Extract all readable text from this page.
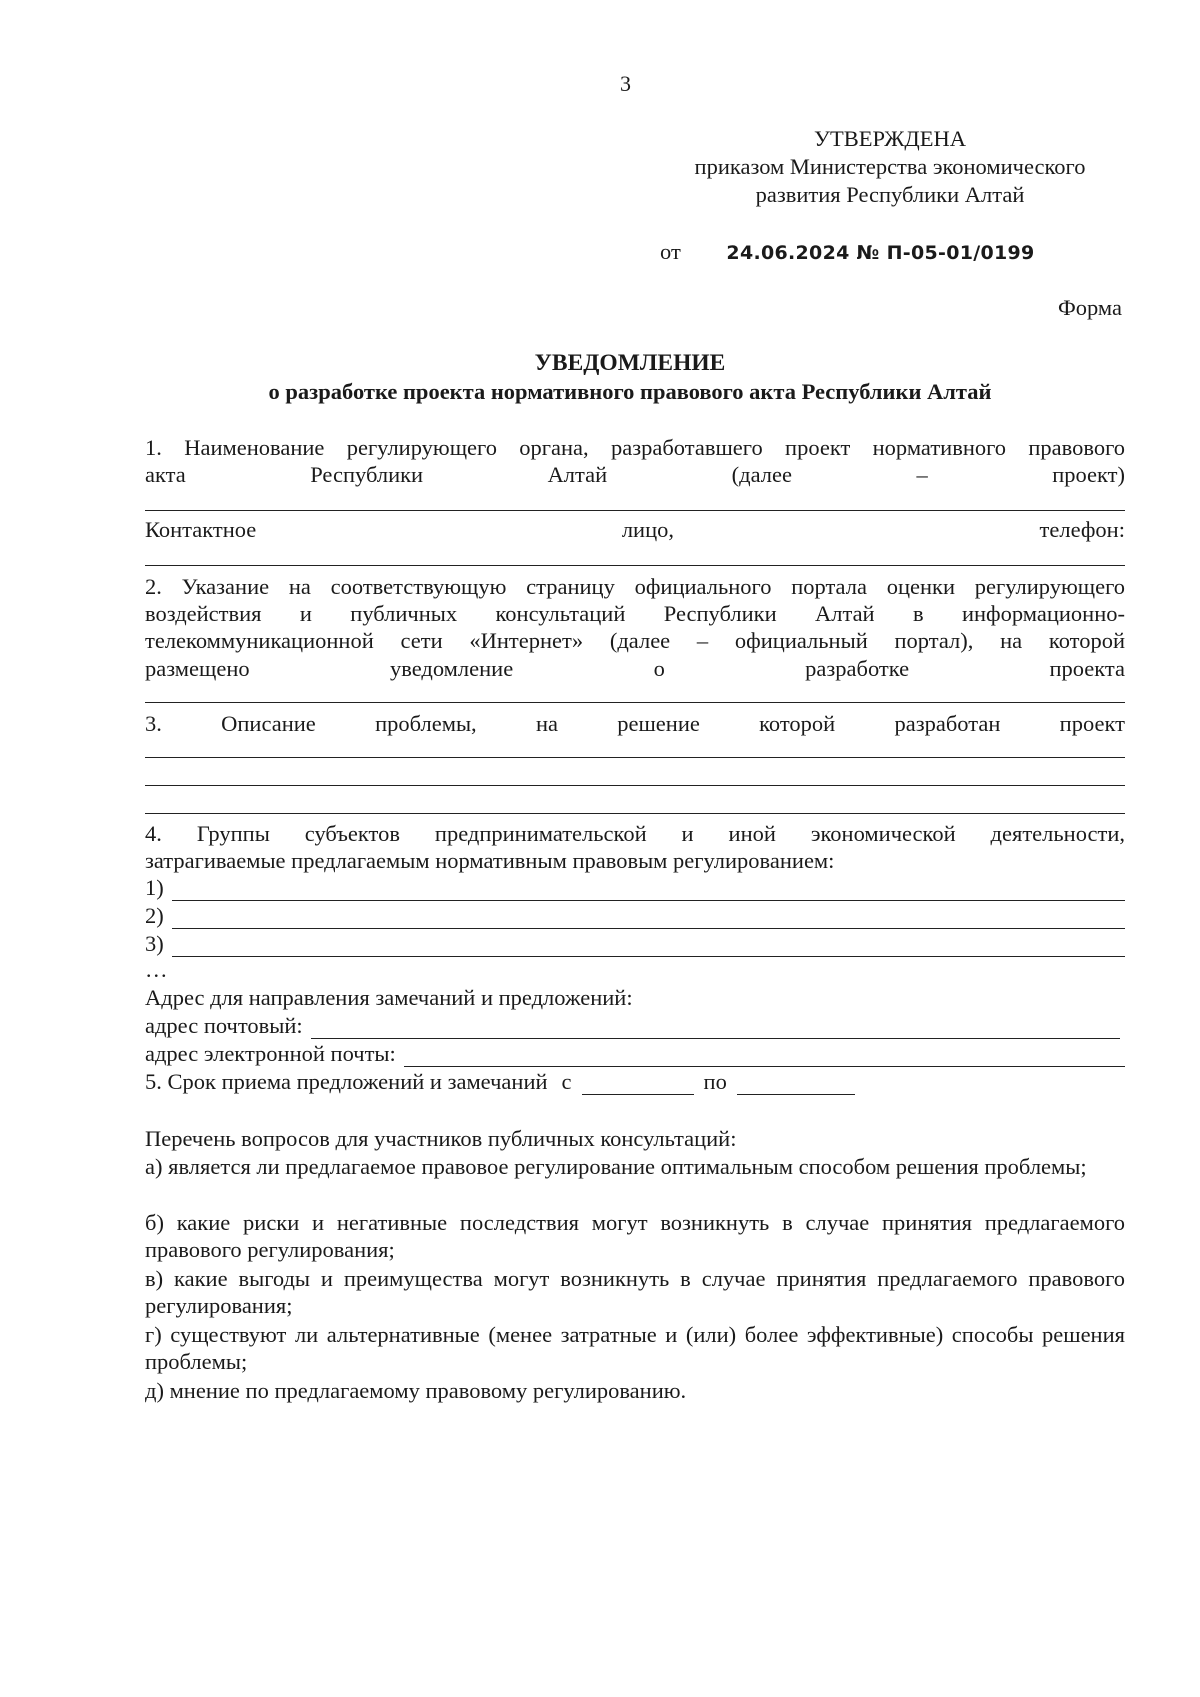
3
УТВЕРЖДЕНА
приказом Министерства экономического
развития Республики Алтай
от 24.06.2024 № П-05-01/0199
Форма
УВЕДОМЛЕНИЕ
о разработке проекта нормативного правового акта Республики Алтай
1. Наименование регулирующего органа, разработавшего проект нормативного правового
акта	Республики	Алтай	(далее	–	проект)
Контактное	лицо,	телефон:
2. Указание на соответствующую страницу официального портала оценки регулирующего
воздействия и публичных консультаций Республики Алтай в информационно-
телекоммуникационной сети «Интернет» (далее – официальный портал), на которой
размещено	уведомление	о	разработке	проекта
3.	Описание	проблемы,	на	решение	которой	разработан	проект
4. Группы субъектов предпринимательской и иной экономической деятельности,
затрагиваемые предлагаемым нормативным правовым регулированием:
1)
2)
3)
…
Адрес для направления замечаний и предложений:
адрес почтовый:
адрес электронной почты:
5. Срок приема предложений и замечаний с	по
Перечень вопросов для участников публичных консультаций:
а) является ли предлагаемое правовое регулирование оптимальным способом решения проблемы;
б) какие риски и негативные последствия могут возникнуть в случае принятия предлагаемого правового регулирования;
в) какие выгоды и преимущества могут возникнуть в случае принятия предлагаемого правового регулирования;
г) существуют ли альтернативные (менее затратные и (или) более эффективные) способы решения проблемы;
д) мнение по предлагаемому правовому регулированию.
